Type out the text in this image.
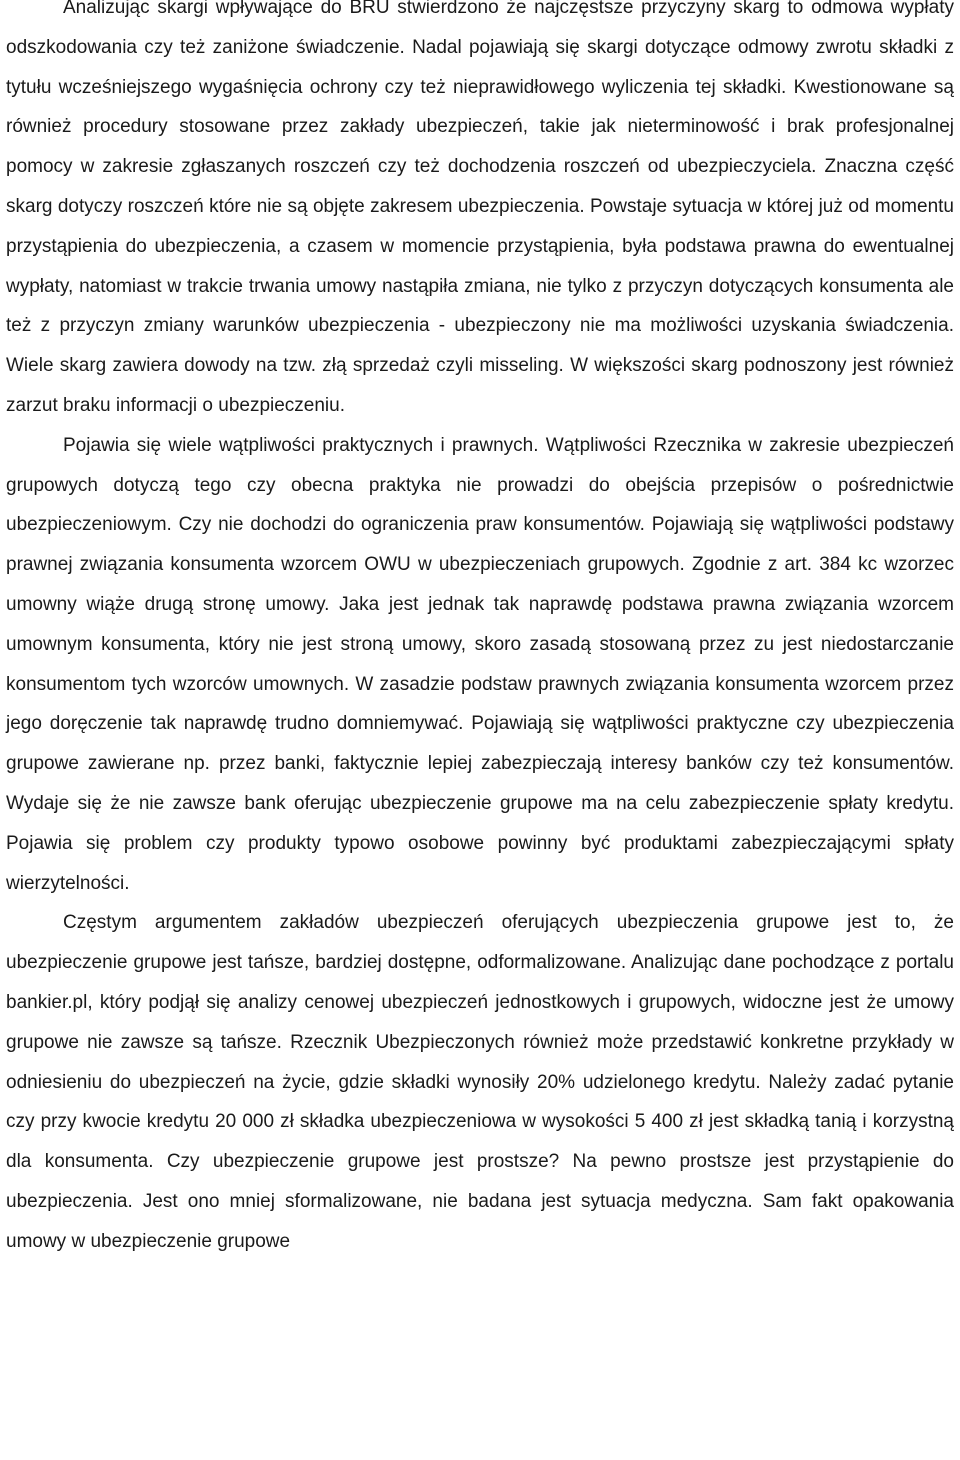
Analizując skargi wpływające do BRU stwierdzono że najczęstsze przyczyny skarg to odmowa wypłaty odszkodowania czy też zaniżone świadczenie. Nadal pojawiają się skargi dotyczące odmowy zwrotu składki z tytułu wcześniejszego wygaśnięcia ochrony czy też nieprawidłowego wyliczenia tej składki. Kwestionowane są również procedury stosowane przez zakłady ubezpieczeń, takie jak nieterminowość i brak profesjonalnej pomocy w zakresie zgłaszanych roszczeń czy też dochodzenia roszczeń od ubezpieczyciela. Znaczna część skarg dotyczy roszczeń które nie są objęte zakresem ubezpieczenia. Powstaje sytuacja w której już od momentu przystąpienia do ubezpieczenia, a czasem w momencie przystąpienia, była podstawa prawna do ewentualnej wypłaty, natomiast w trakcie trwania umowy nastąpiła zmiana, nie tylko z przyczyn dotyczących konsumenta ale też z przyczyn zmiany warunków ubezpieczenia - ubezpieczony nie ma możliwości uzyskania świadczenia. Wiele skarg zawiera dowody na tzw. złą sprzedaż czyli misseling. W większości skarg podnoszony jest również zarzut braku informacji o ubezpieczeniu.

Pojawia się wiele wątpliwości praktycznych i prawnych. Wątpliwości Rzecznika w zakresie ubezpieczeń grupowych dotyczą tego czy obecna praktyka nie prowadzi do obejścia przepisów o pośrednictwie ubezpieczeniowym. Czy nie dochodzi do ograniczenia praw konsumentów. Pojawiają się wątpliwości podstawy prawnej związania konsumenta wzorcem OWU w ubezpieczeniach grupowych. Zgodnie z art. 384 kc wzorzec umowny wiąże drugą stronę umowy. Jaka jest jednak tak naprawdę podstawa prawna związania wzorcem umownym konsumenta, który nie jest stroną umowy, skoro zasadą stosowaną przez zu jest niedostarczanie konsumentom tych wzorców umownych. W zasadzie podstaw prawnych związania konsumenta wzorcem przez jego doręczenie tak naprawdę trudno domniemywać. Pojawiają się wątpliwości praktyczne czy ubezpieczenia grupowe zawierane np. przez banki, faktycznie lepiej zabezpieczają interesy banków czy też konsumentów. Wydaje się że nie zawsze bank oferując ubezpieczenie grupowe ma na celu zabezpieczenie spłaty kredytu. Pojawia się problem czy produkty typowo osobowe powinny być produktami zabezpieczającymi spłaty wierzytelności.

Częstym argumentem zakładów ubezpieczeń oferujących ubezpieczenia grupowe jest to, że ubezpieczenie grupowe jest tańsze, bardziej dostępne, odformalizowane. Analizując dane pochodzące z portalu bankier.pl, który podjął się analizy cenowej ubezpieczeń jednostkowych i grupowych, widoczne jest że umowy grupowe nie zawsze są tańsze. Rzecznik Ubezpieczonych również może przedstawić konkretne przykłady w odniesieniu do ubezpieczeń na życie, gdzie składki wynosiły 20% udzielonego kredytu. Należy zadać pytanie czy przy kwocie kredytu 20 000 zł składka ubezpieczeniowa w wysokości 5 400 zł jest składką tanią i korzystną dla konsumenta. Czy ubezpieczenie grupowe jest prostsze? Na pewno prostsze jest przystąpienie do ubezpieczenia. Jest ono mniej sformalizowane, nie badana jest sytuacja medyczna. Sam fakt opakowania umowy w ubezpieczenie grupowe
